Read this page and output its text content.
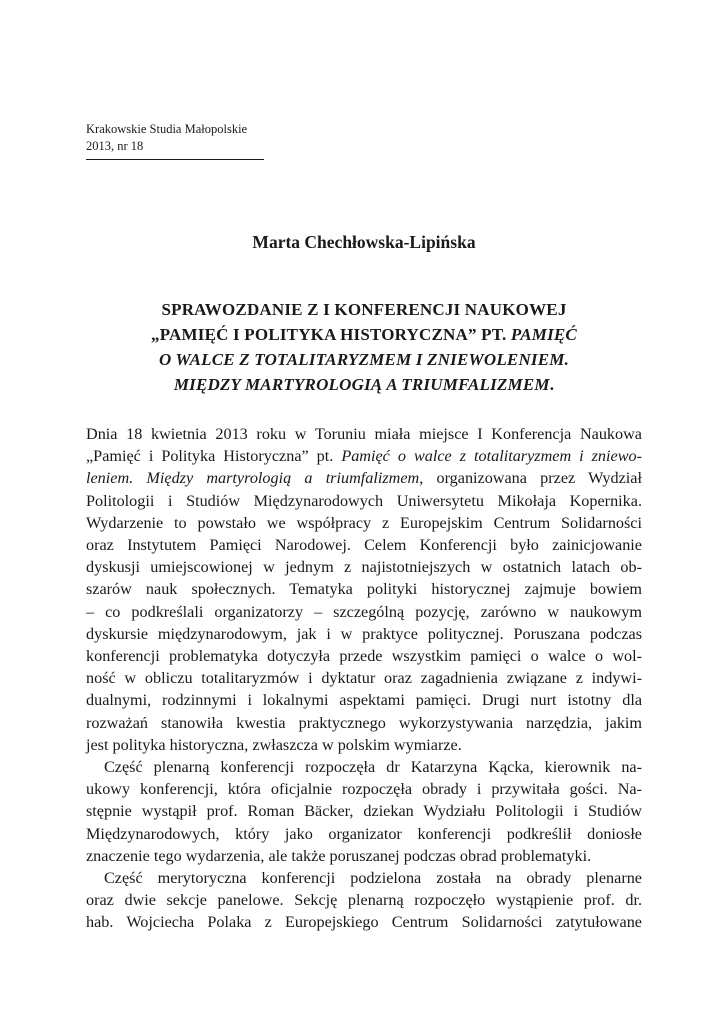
Krakowskie Studia Małopolskie
2013, nr 18
Marta Chechłowska-Lipińska
SPRAWOZDANIE Z I KONFERENCJI NAUKOWEJ
„PAMIĘĆ I POLITYKA HISTORYCZNA” PT. PAMIĘĆ
O WALCE Z TOTALITARYZMEM I ZNIEWOLENIEM.
MIĘDZY MARTYROLOGIĄ A TRIUMFALIZMEM.

Dnia 18 kwietnia 2013 roku w Toruniu miała miejsce I Konferencja Naukowa

„Pamięć i Polityka Historyczna” pt. Pamięć o walce z totalitaryzmem i zniewo-

leniem. Między martyrologią a triumfalizmem, organizowana przez Wydział

Politologii i Studiów Międzynarodowych Uniwersytetu Mikołaja Kopernika.

Wydarzenie to powstało we współpracy z Europejskim Centrum Solidarności

oraz Instytutem Pamięci Narodowej. Celem Konferencji było zainicjowanie

dyskusji umiejscowionej w jednym z najistotniejszych w ostatnich latach ob-

szarów nauk społecznych. Tematyka polityki historycznej zajmuje bowiem

– co podkreślali organizatorzy – szczególną pozycję, zarówno w naukowym

dyskursie międzynarodowym, jak i w praktyce politycznej. Poruszana podczas

konferencji problematyka dotyczyła przede wszystkim pamięci o walce o wol-

ność w obliczu totalitaryzmów i dyktatur oraz zagadnienia związane z indywi-

dualnymi, rodzinnymi i lokalnymi aspektami pamięci. Drugi nurt istotny dla

rozważań stanowiła kwestia praktycznego wykorzystywania narzędzia, jakim

jest polityka historyczna, zwłaszcza w polskim wymiarze.

Część plenarną konferencji rozpoczęła dr Katarzyna Kącka, kierownik na-

ukowy konferencji, która oficjalnie rozpoczęła obrady i przywitała gości. Na-

stępnie wystąpił prof. Roman Bäcker, dziekan Wydziału Politologii i Studiów

Międzynarodowych, który jako organizator konferencji podkreślił doniosłe

znaczenie tego wydarzenia, ale także poruszanej podczas obrad problematyki.

Część merytoryczna konferencji podzielona została na obrady plenarne

oraz dwie sekcje panelowe. Sekcję plenarną rozpoczęło wystąpienie prof. dr.

hab. Wojciecha Polaka z Europejskiego Centrum Solidarności zatytułowane
